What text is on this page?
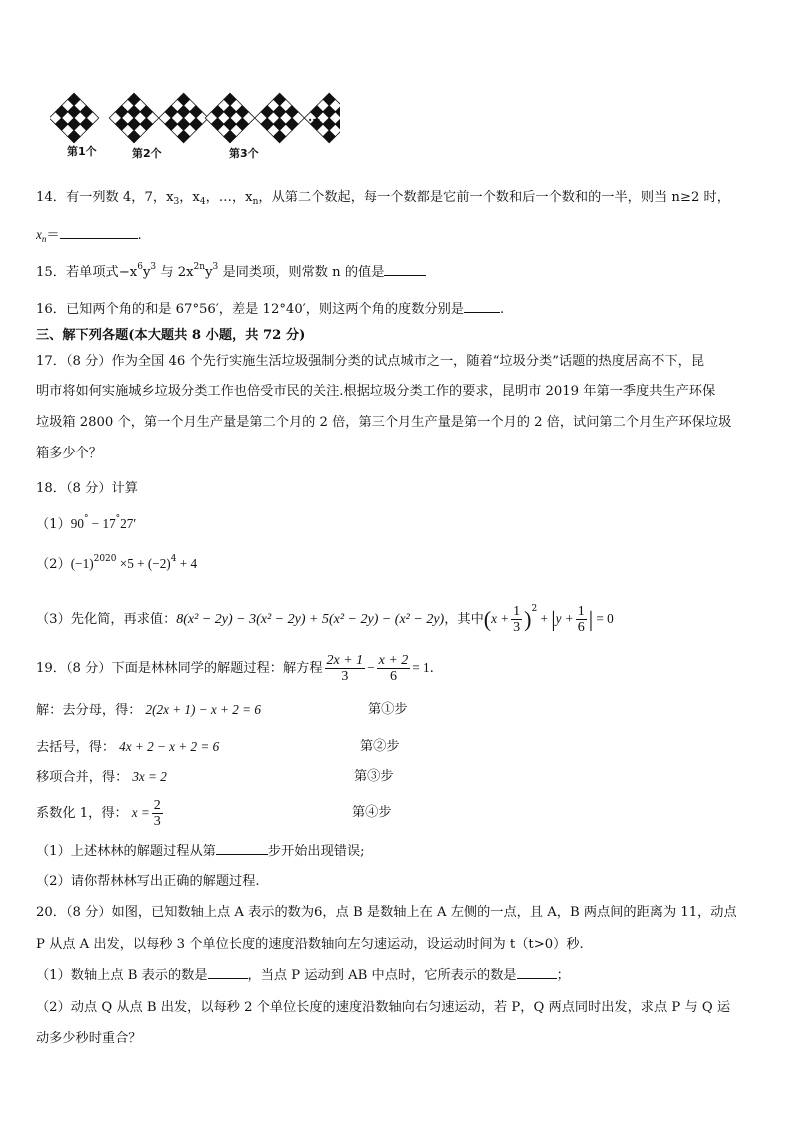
第1个	第2个	第3个
···
14．有一列数 4，7，$x_3$，$x_4$，…，$x_n$，从第二个数起，每一个数都是它前一个数和后一个数和的一半，则当 n≥2 时，
$x_n=$	.
15．若单项式$-x^6y^3$ 与 $2x^{2n}y^3$ 是同类项，则常数 n 的值是
16．已知两个角的和是 67°56′，差是 12°40′，则这两个角的度数分别是	.
三、解下列各题(本大题共 8 小题，共 72 分)
17．（8 分）作为全国 46 个先行实施生活垃圾强制分类的试点城市之一，随着“垃圾分类”话题的热度居高不下，昆
明市将如何实施城乡垃圾分类工作也倍受市民的关注.根据垃圾分类工作的要求，昆明市 2019 年第一季度共生产环保
垃圾箱 2800 个，第一个月生产量是第二个月的 2 倍，第三个月生产量是第一个月的 2 倍，试问第二个月生产环保垃圾
箱多少个？
18．（8 分）计算
（1）90° − 17°27′
$(2)(-1)^{2020} \times 5 + (-2)^4 + 4$
（3）先化简，再求值：8(x² − 2y) − 3(x² − 2y) + 5(x² − 2y) − (x² − 2y)，其中$(x + \frac{1}{3} )^2 + |y + \frac{1}{6}$ | = 0
19．（8 分）下面是林林同学的解题过程：解方程 $\frac{2x + 1}{3} - \frac{x + 2}{6} = 1$.
解：去分母，得： 2(2x + 1) − x + 2 = 6	第①步
去括号，得： 4x + 2 − x + 2 = 6	第②步
移项合并，得： 3x = 2	第③步
系数化 1，得： $x = \frac{2}{3}$	第④步
（1）上述林林的解题过程从第	步开始出现错误;
（2）请你帮林林写出正确的解题过程.
20．（8 分）如图，已知数轴上点 A 表示的数为6，点 B 是数轴上在 A 左侧的一点，且 A，B 两点间的距离为 11，动点
P 从点 A 出发，以每秒 3 个单位长度的速度沿数轴向左匀速运动，设运动时间为 t（t>0）秒.
（1）数轴上点 B 表示的数是	，当点 P 运动到 AB 中点时，它所表示的数是	；
（2）动点 Q 从点 B 出发，以每秒 2 个单位长度的速度沿数轴向右匀速运动，若 P，Q 两点同时出发，求点 P 与 Q 运
动多少秒时重合？
